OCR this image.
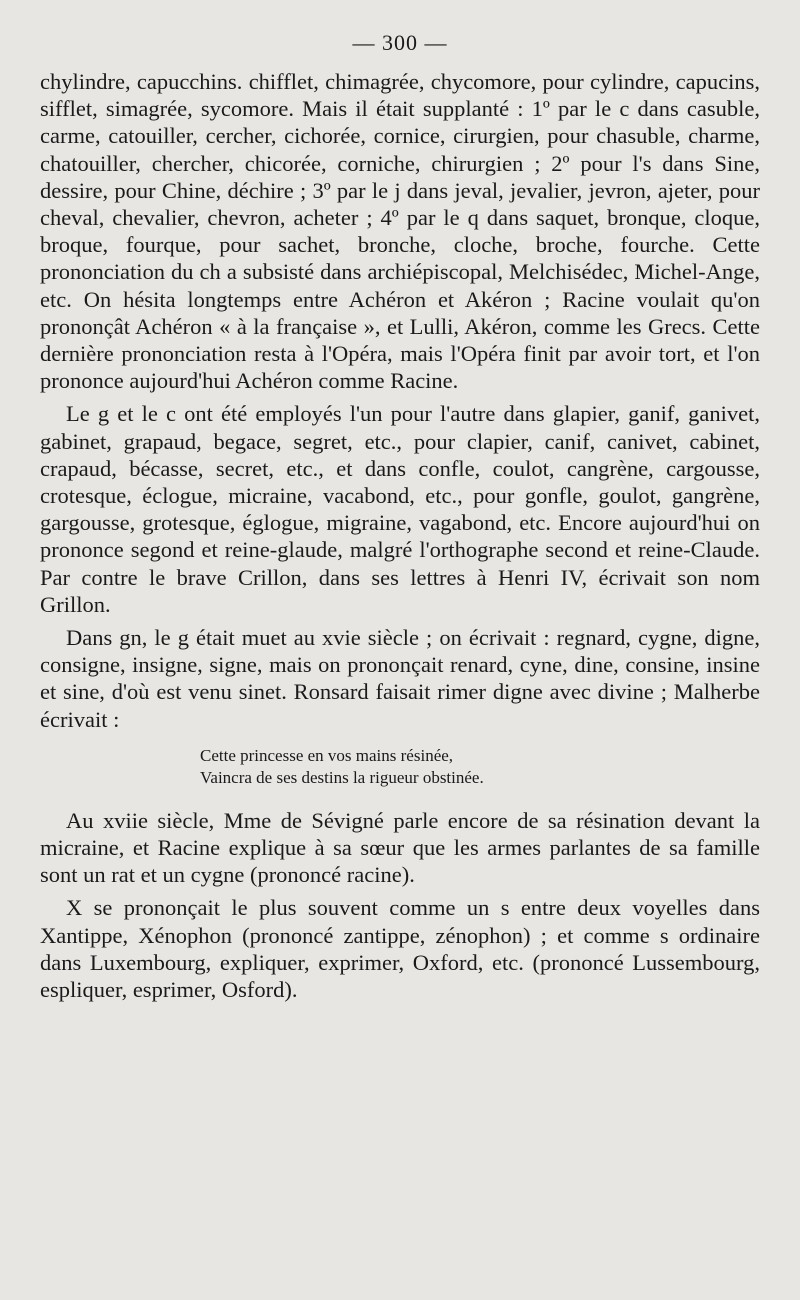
— 300 —

chylindre, capucchins. chifflet, chimagrée, chycomore, pour cylindre, capucins, sifflet, simagrée, sycomore. Mais il était supplanté : 1º par le c dans casuble, carme, catouiller, cercher, cichorée, cornice, cirurgien, pour chasuble, charme, chatouiller, chercher, chicorée, corniche, chirurgien ; 2º pour l's dans Sine, dessire, pour Chine, déchire ; 3º par le j dans jeval, jevalier, jevron, ajeter, pour cheval, chevalier, chevron, acheter ; 4º par le q dans saquet, bronque, cloque, broque, fourque, pour sachet, bronche, cloche, broche, fourche. Cette prononciation du ch a subsisté dans archiépiscopal, Melchisédec, Michel-Ange, etc. On hésita longtemps entre Achéron et Akéron ; Racine voulait qu'on prononçât Achéron « à la française », et Lulli, Akéron, comme les Grecs. Cette dernière prononciation resta à l'Opéra, mais l'Opéra finit par avoir tort, et l'on prononce aujourd'hui Achéron comme Racine.

Le g et le c ont été employés l'un pour l'autre dans glapier, ganif, ganivet, gabinet, grapaud, begace, segret, etc., pour clapier, canif, canivet, cabinet, crapaud, bécasse, secret, etc., et dans confle, coulot, cangrène, cargousse, crotesque, éclogue, micraine, vacabond, etc., pour gonfle, goulot, gangrène, gargousse, grotesque, églogue, migraine, vagabond, etc. Encore aujourd'hui on prononce segond et reine-glaude, malgré l'orthographe second et reine-Claude. Par contre le brave Crillon, dans ses lettres à Henri IV, écrivait son nom Grillon.

Dans gn, le g était muet au xvie siècle ; on écrivait : regnard, cygne, digne, consigne, insigne, signe, mais on prononçait renard, cyne, dine, consine, insine et sine, d'où est venu sinet. Ronsard faisait rimer digne avec divine ; Malherbe écrivait :

Cette princesse en vos mains résinée,
Vaincra de ses destins la rigueur obstinée.

Au xviie siècle, Mme de Sévigné parle encore de sa résination devant la micraine, et Racine explique à sa sœur que les armes parlantes de sa famille sont un rat et un cygne (prononcé racine).

X se prononçait le plus souvent comme un s entre deux voyelles dans Xantippe, Xénophon (prononcé zantippe, zénophon) ; et comme s ordinaire dans Luxembourg, expliquer, exprimer, Oxford, etc. (prononcé Lussembourg, espliquer, esprimer, Osford).
